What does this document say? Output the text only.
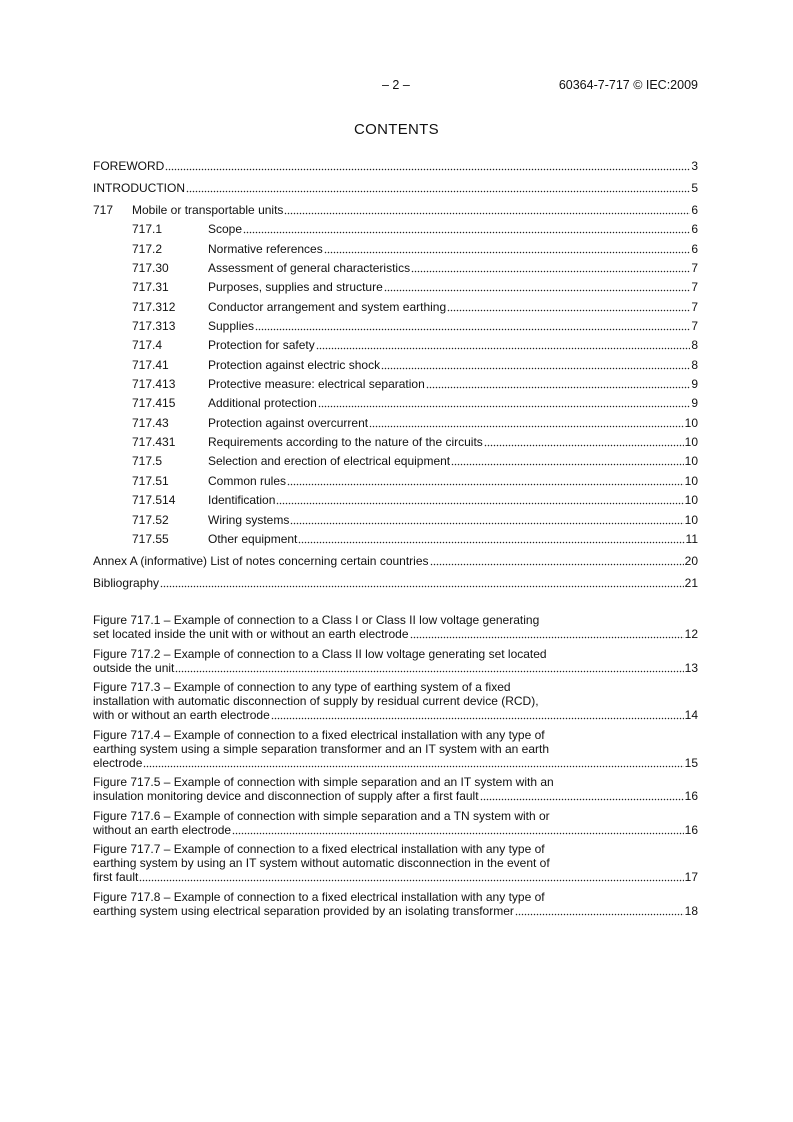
– 2 –	60364-7-717 © IEC:2009
CONTENTS
FOREWORD	3
INTRODUCTION	5
717	Mobile or transportable units	6
717.1	Scope	6
717.2	Normative references	6
717.30	Assessment of general characteristics	7
717.31	Purposes, supplies and structure	7
717.312	Conductor arrangement and system earthing	7
717.313	Supplies	7
717.4	Protection for safety	8
717.41	Protection against electric shock	8
717.413	Protective measure: electrical separation	9
717.415	Additional protection	9
717.43	Protection against overcurrent	10
717.431	Requirements according to the nature of the circuits	10
717.5	Selection and erection of electrical equipment	10
717.51	Common rules	10
717.514	Identification	10
717.52	Wiring systems	10
717.55	Other equipment	11
Annex A (informative) List of notes concerning certain countries	20
Bibliography	21
Figure 717.1 – Example of connection to a Class I or Class II low voltage generating
set located inside the unit with or without an earth electrode	12
Figure 717.2 – Example of connection to a Class II low voltage generating set located
outside the unit	13
Figure 717.3 – Example of connection to any type of earthing system of a fixed
installation with automatic disconnection of supply by residual current device (RCD),
with or without an earth electrode	14
Figure 717.4 – Example of connection to a fixed electrical installation with any type of
earthing system using a simple separation transformer and an IT system with an earth
electrode	15
Figure 717.5 – Example of connection with simple separation and an IT system with an
insulation monitoring device and disconnection of supply after a first fault	16
Figure 717.6 – Example of connection with simple separation and a TN system with or
without an earth electrode	16
Figure 717.7 – Example of connection to a fixed electrical installation with any type of
earthing system by using an IT system without automatic disconnection in the event of
first fault	17
Figure 717.8 – Example of connection to a fixed electrical installation with any type of
earthing system using electrical separation provided by an isolating transformer	18
